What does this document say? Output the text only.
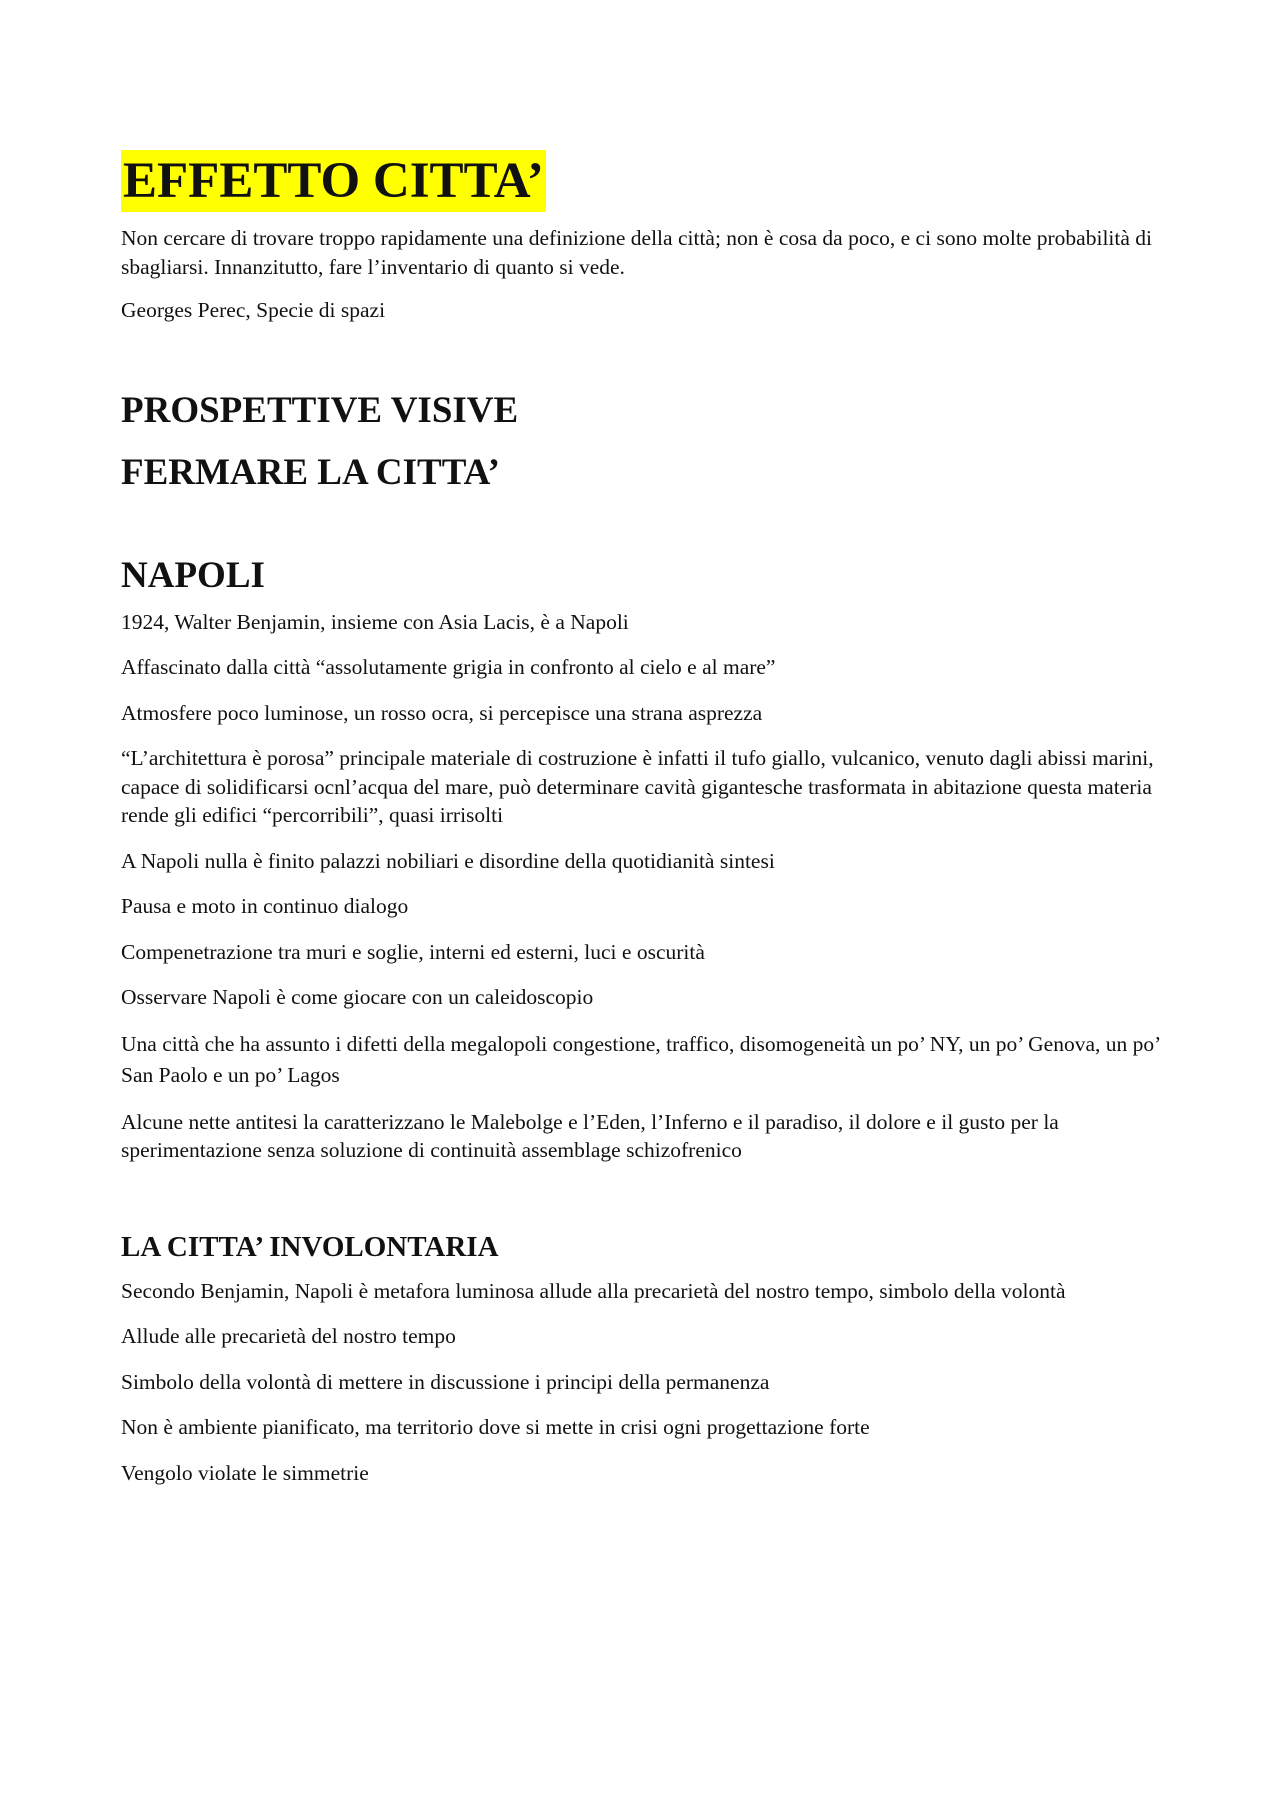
EFFETTO CITTA’

Non cercare di trovare troppo rapidamente una definizione della città; non è cosa da poco, e ci sono molte probabilità di sbagliarsi. Innanzitutto, fare l’inventario di quanto si vede.

Georges Perec, Specie di spazi

PROSPETTIVE VISIVE
FERMARE LA CITTA’
NAPOLI

1924, Walter Benjamin, insieme con Asia Lacis, è a Napoli

Affascinato dalla città “assolutamente grigia in confronto al cielo e al mare”

Atmosfere poco luminose, un rosso ocra, si percepisce una strana asprezza

“L’architettura è porosa” principale materiale di costruzione è infatti il tufo giallo, vulcanico, venuto dagli abissi marini, capace di solidificarsi ocnl’acqua del mare, può determinare cavità gigantesche trasformata in abitazione questa materia rende gli edifici “percorribili”, quasi irrisolti

A Napoli nulla è finito palazzi nobiliari e disordine della quotidianità sintesi

Pausa e moto in continuo dialogo

Compenetrazione tra muri e soglie, interni ed esterni, luci e oscurità

Osservare Napoli è come giocare con un caleidoscopio

Una città che ha assunto i difetti della megalopoli congestione, traffico, disomogeneità un po’ NY, un po’ Genova, un po’ San Paolo e un po’ Lagos

Alcune nette antitesi la caratterizzano le Malebolge e l’Eden, l’Inferno e il paradiso, il dolore e il gusto per la sperimentazione senza soluzione di continuità assemblage schizofrenico

LA CITTA’ INVOLONTARIA

Secondo Benjamin, Napoli è metafora luminosa allude alla precarietà del nostro tempo, simbolo della volontà

Allude alle precarietà del nostro tempo

Simbolo della volontà di mettere in discussione i principi della permanenza

Non è ambiente pianificato, ma territorio dove si mette in crisi ogni progettazione forte

Vengolo violate le simmetrie
